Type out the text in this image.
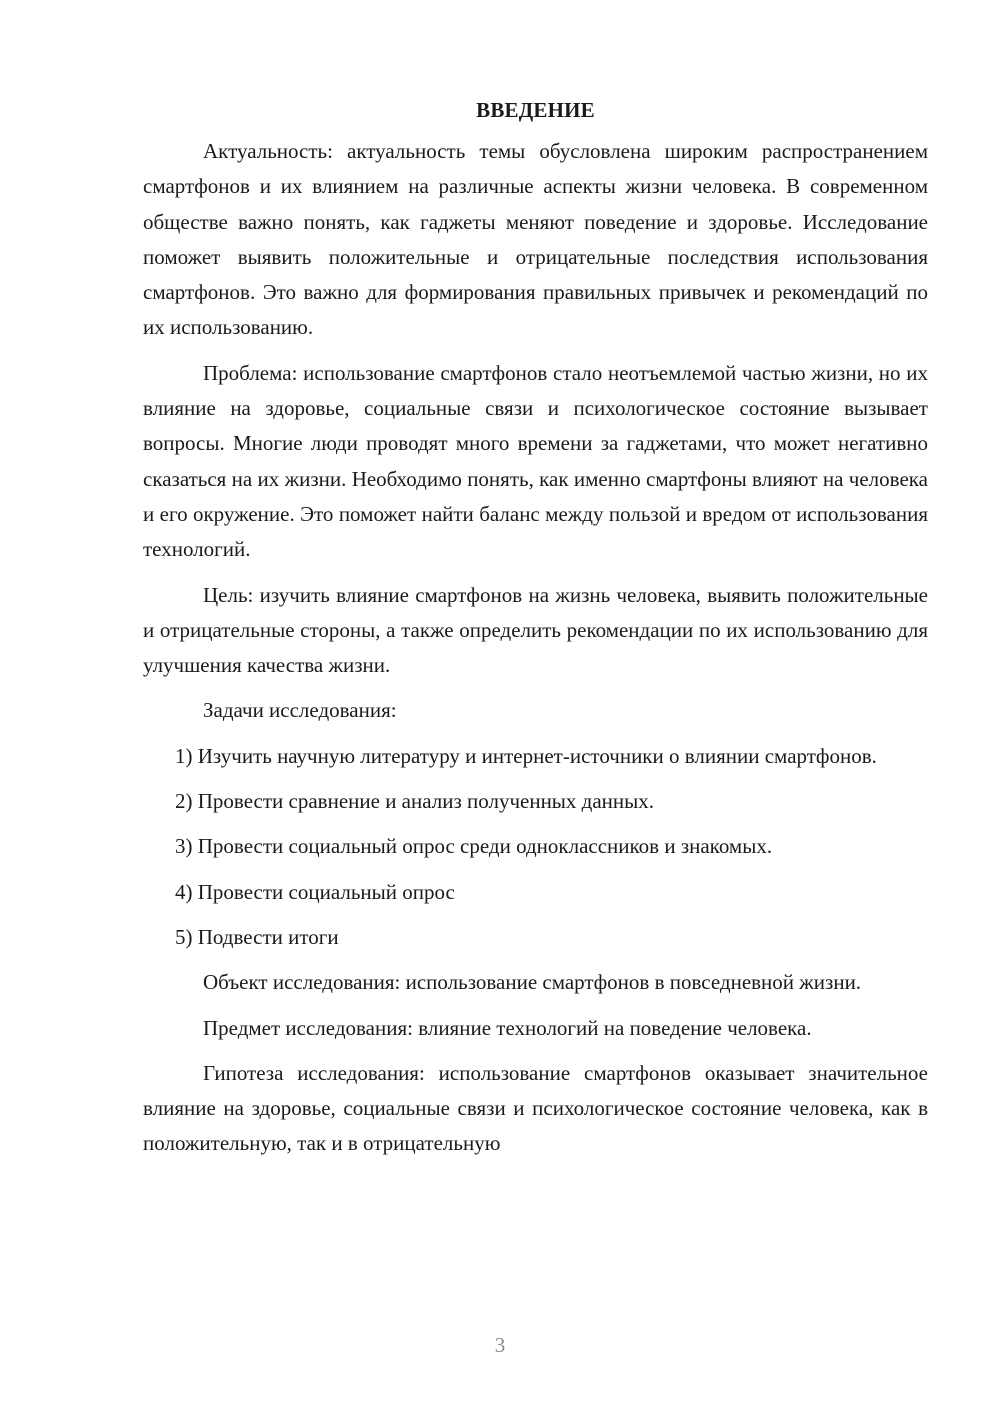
ВВЕДЕНИЕ

Актуальность: актуальность темы обусловлена широким распространением смартфонов и их влиянием на различные аспекты жизни человека. В современном обществе важно понять, как гаджеты меняют поведение и здоровье. Исследование поможет выявить положительные и отрицательные последствия использования смартфонов. Это важно для формирования правильных привычек и рекомендаций по их использованию.

Проблема: использование смартфонов стало неотъемлемой частью жизни, но их влияние на здоровье, социальные связи и психологическое состояние вызывает вопросы. Многие люди проводят много времени за гаджетами, что может негативно сказаться на их жизни. Необходимо понять, как именно смартфоны влияют на человека и его окружение. Это поможет найти баланс между пользой и вредом от использования технологий.

Цель: изучить влияние смартфонов на жизнь человека, выявить положительные и отрицательные стороны, а также определить рекомендации по их использованию для улучшения качества жизни.

Задачи исследования:

1) Изучить научную литературу и интернет-источники о влиянии смартфонов.

2) Провести сравнение и анализ полученных данных.

3) Провести социальный опрос среди одноклассников и знакомых.

4) Провести социальный опрос

5) Подвести итоги

Объект исследования: использование смартфонов в повседневной жизни.

Предмет исследования: влияние технологий на поведение человека.

Гипотеза исследования: использование смартфонов оказывает значительное влияние на здоровье, социальные связи и психологическое состояние человека, как в положительную, так и в отрицательную

3
